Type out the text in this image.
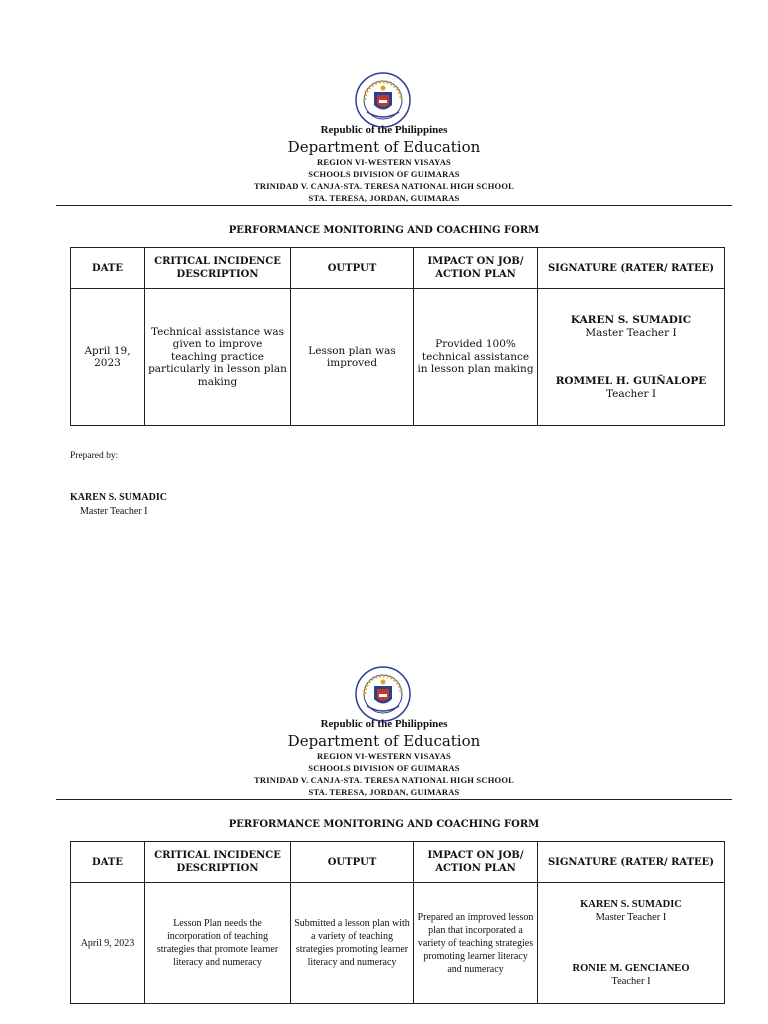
Republic of the Philippines
Department of Education
REGION VI-WESTERN VISAYAS
SCHOOLS DIVISION OF GUIMARAS
TRINIDAD V. CANJA-STA. TERESA NATIONAL HIGH SCHOOL
STA. TERESA, JORDAN, GUIMARAS
PERFORMANCE MONITORING AND COACHING FORM
DATE	CRITICAL INCIDENCE DESCRIPTION	OUTPUT	IMPACT ON JOB/ ACTION PLAN	SIGNATURE (RATER/ RATEE)
April 19, 2023	Technical assistance was given to improve teaching practice particularly in lesson plan making	Lesson plan was improved	Provided 100% technical assistance in lesson plan making	KAREN S. SUMADIC
Master Teacher I
ROMMEL H. GUIÑALOPE
Teacher I
Prepared by:
KAREN S. SUMADIC
Master Teacher I
Republic of the Philippines
Department of Education
REGION VI-WESTERN VISAYAS
SCHOOLS DIVISION OF GUIMARAS
TRINIDAD V. CANJA-STA. TERESA NATIONAL HIGH SCHOOL
STA. TERESA, JORDAN, GUIMARAS
PERFORMANCE MONITORING AND COACHING FORM
DATE	CRITICAL INCIDENCE DESCRIPTION	OUTPUT	IMPACT ON JOB/ ACTION PLAN	SIGNATURE (RATER/ RATEE)
April 9, 2023	Lesson Plan needs the incorporation of teaching strategies that promote learner literacy and numeracy	Submitted a lesson plan with a variety of teaching strategies promoting learner literacy and numeracy	Prepared an improved lesson plan that incorporated a variety of teaching strategies promoting learner literacy and numeracy	KAREN S. SUMADIC
Master Teacher I
RONIE M. GENCIANEO
Teacher I
